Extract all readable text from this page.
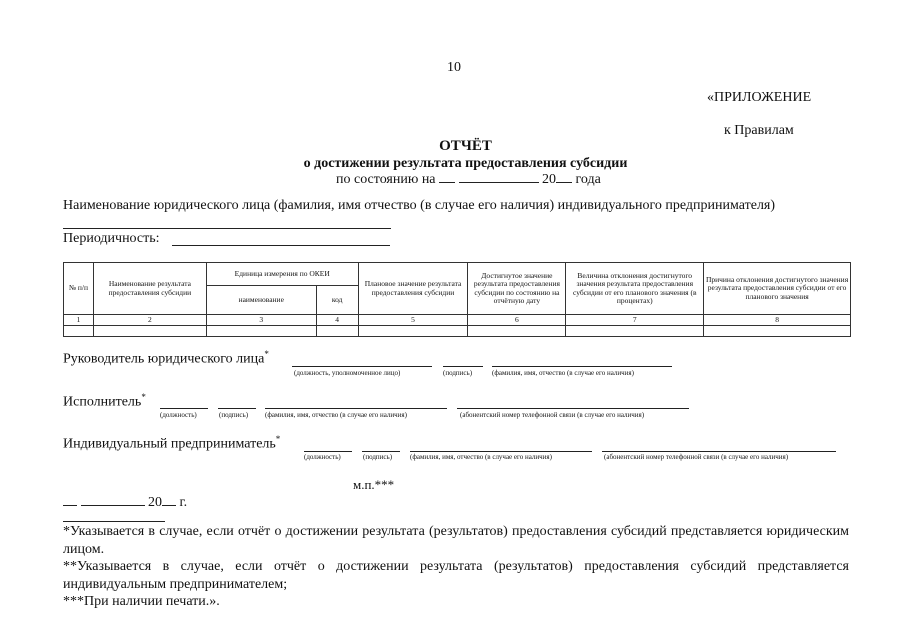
10
«ПРИЛОЖЕНИЕ
к Правилам
ОТЧЁТ
о достижении результата предоставления субсидии
по состоянию на	20 года
Наименование юридического лица (фамилия, имя отчество (в случае его наличия) индивидуального предпринимателя)
Периодичность:
№ п/п	Наименование результата предоставления субсидии	Единица измерения по ОКЕИ		Плановое значение результата предоставления субсидии	Достигнутое значение результата предоставления субсидии по состоянию на отчётную дату	Величина отклонения достигнутого значения результата предоставления субсидии от его планового значения (в процентах)	Причина отклонения достигнутого значения результата предоставления субсидии от его планового значения
		наименование	код				
1	2	3	4	5	6	7	8

Руководитель юридического лица*
(должность, уполномоченное лицо)	(подпись)	(фамилия, имя, отчество (в случае его наличия)
Исполнитель*
(должность)	(подпись) (фамилия, имя, отчество (в случае его наличия)	(абонентский номер телефонной связи (в случае его наличия)
Индивидуальный предприниматель*
(должность)	(подпись)	(фамилия, имя, отчество (в случае его наличия)	(абонентский номер телефонной связи (в случае его наличия)
м.п.***
20 г.
*Указывается в случае, если отчёт о достижении результата (результатов) предоставления субсидий представляется юридическим лицом.
**Указывается в случае, если отчёт о достижении результата (результатов) предоставления субсидий представляется индивидуальным предпринимателем;
***При наличии печати.».
